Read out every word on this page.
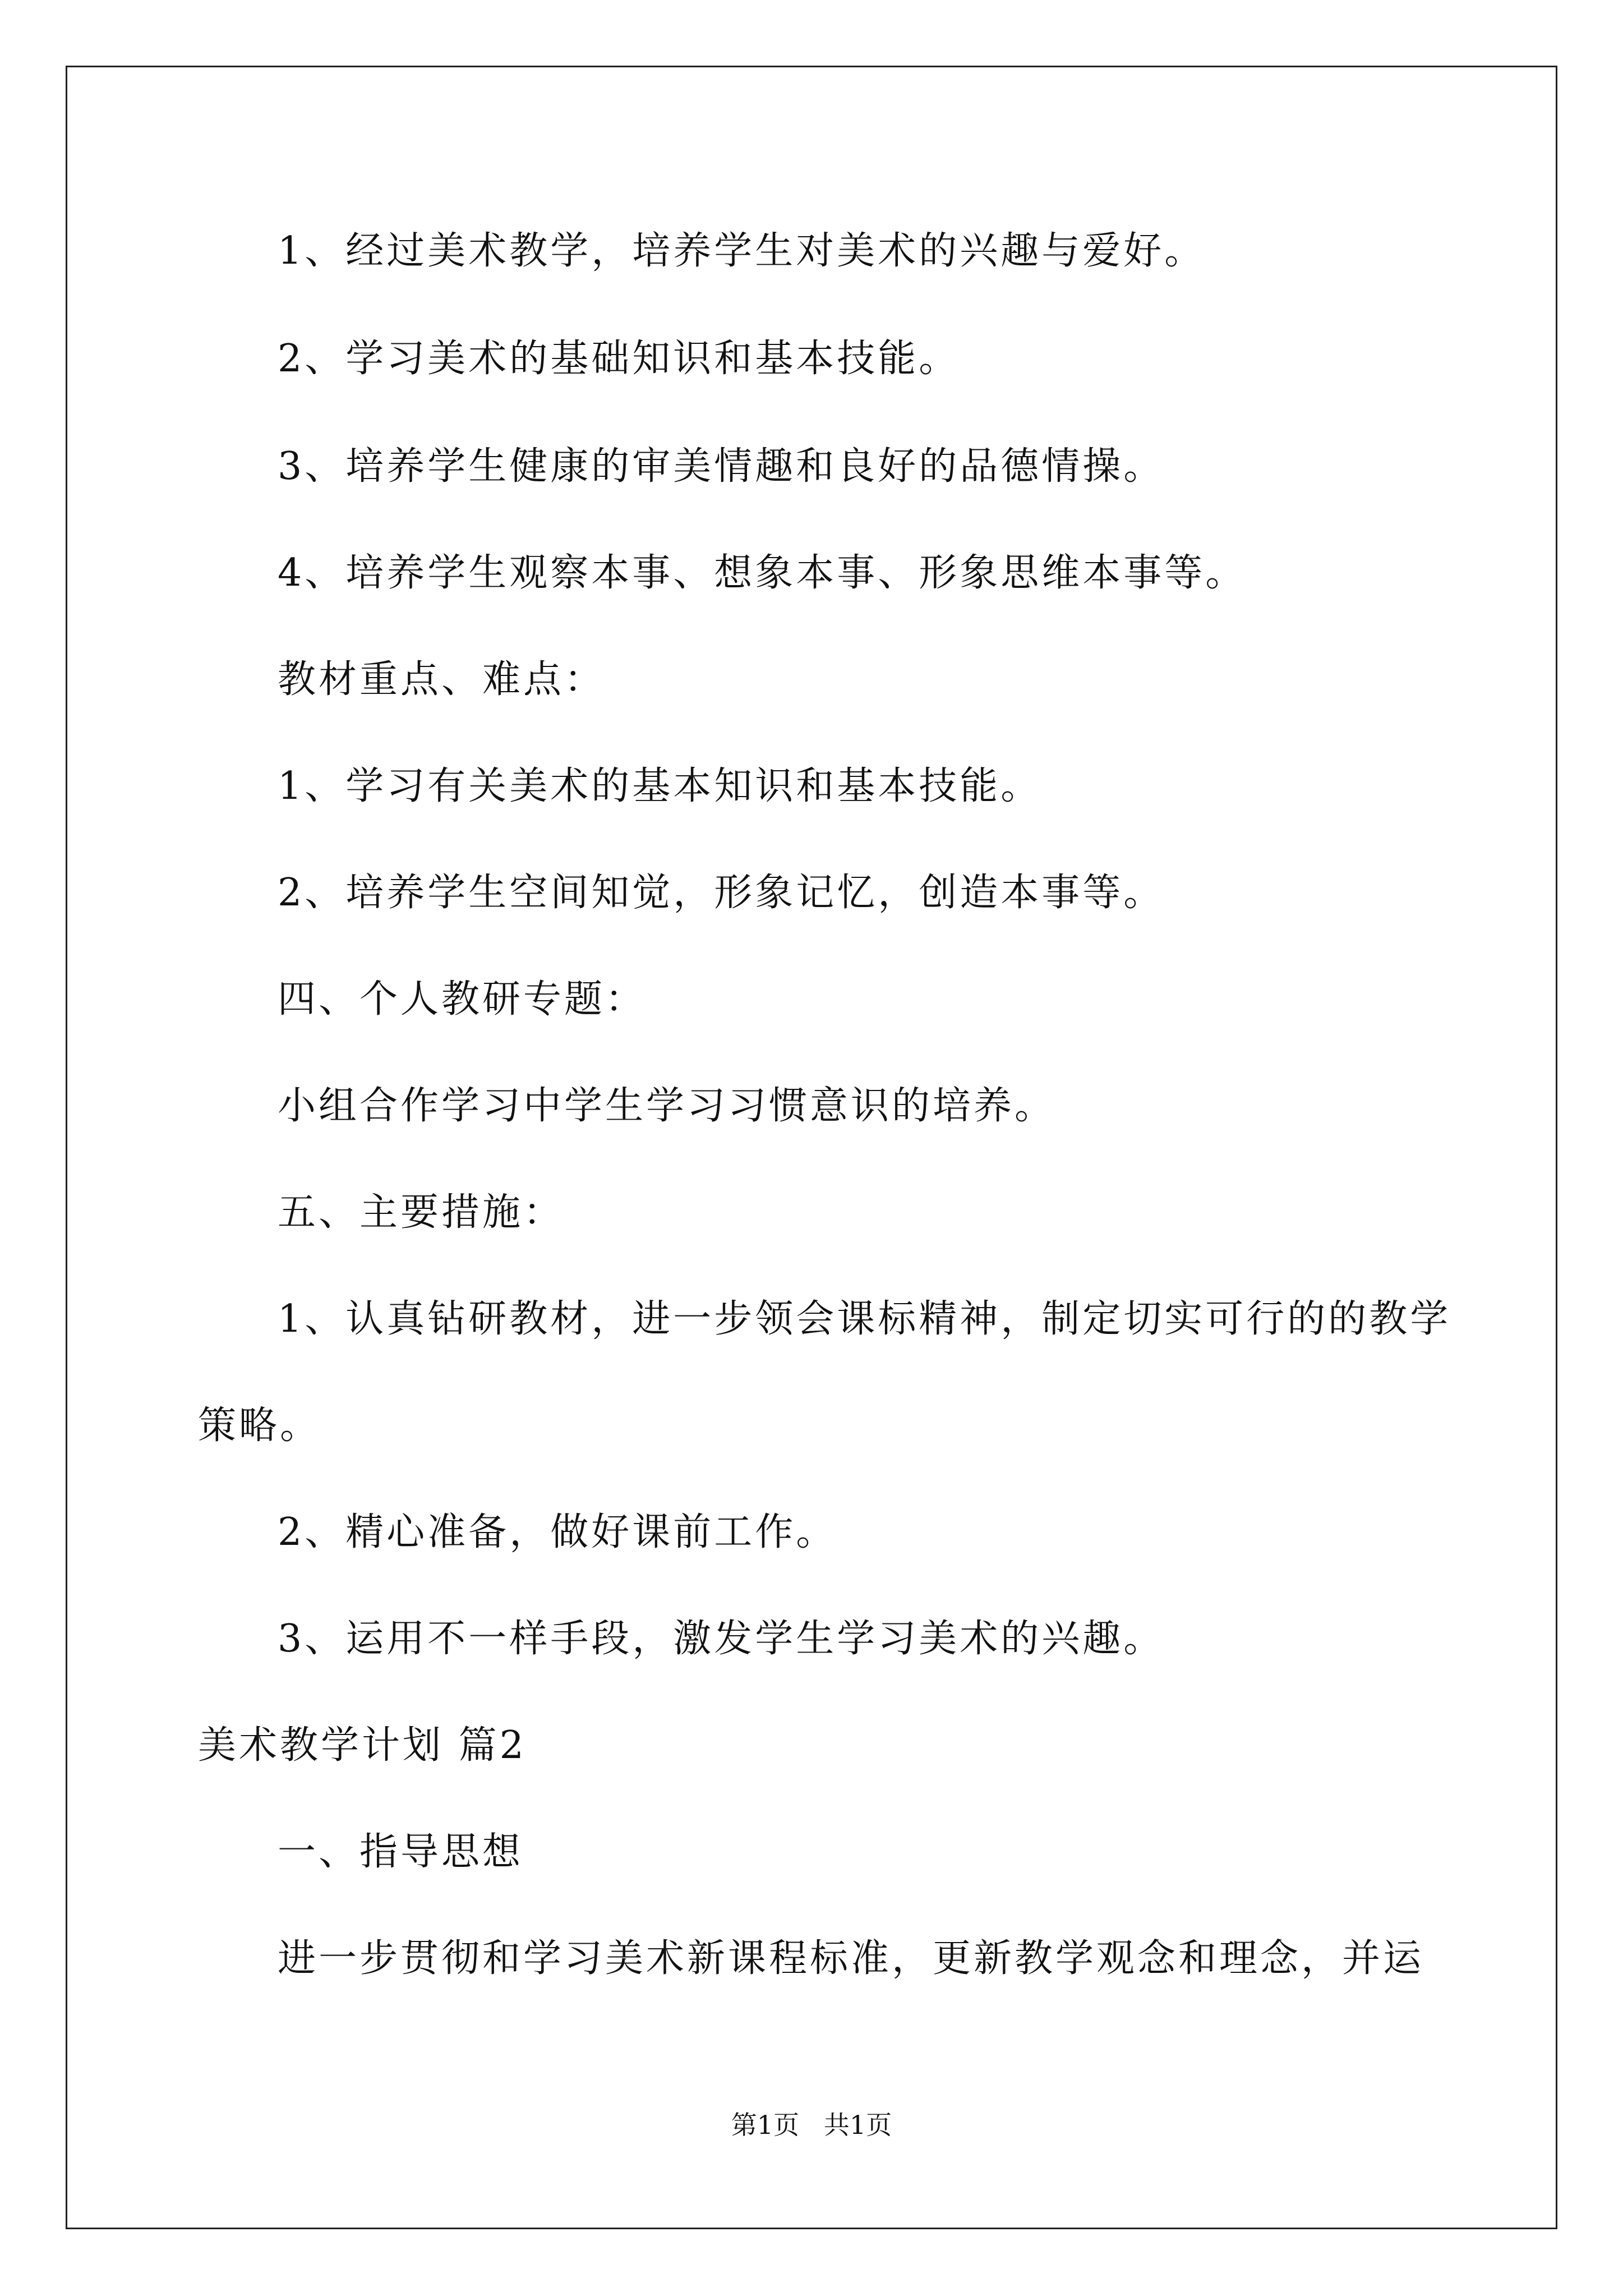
1、经过美术教学，培养学生对美术的兴趣与爱好。
2、学习美术的基础知识和基本技能。
3、培养学生健康的审美情趣和良好的品德情操。
4、培养学生观察本事、想象本事、形象思维本事等。
教材重点、难点：
1、学习有关美术的基本知识和基本技能。
2、培养学生空间知觉，形象记忆，创造本事等。
四、个人教研专题：
小组合作学习中学生学习习惯意识的培养。
五、主要措施：
1、认真钻研教材，进一步领会课标精神，制定切实可行的的教学
策略。
2、精心准备，做好课前工作。
3、运用不一样手段，激发学生学习美术的兴趣。
美术教学计划 篇2
一、指导思想
进一步贯彻和学习美术新课程标准，更新教学观念和理念，并运
第1页   共1页
